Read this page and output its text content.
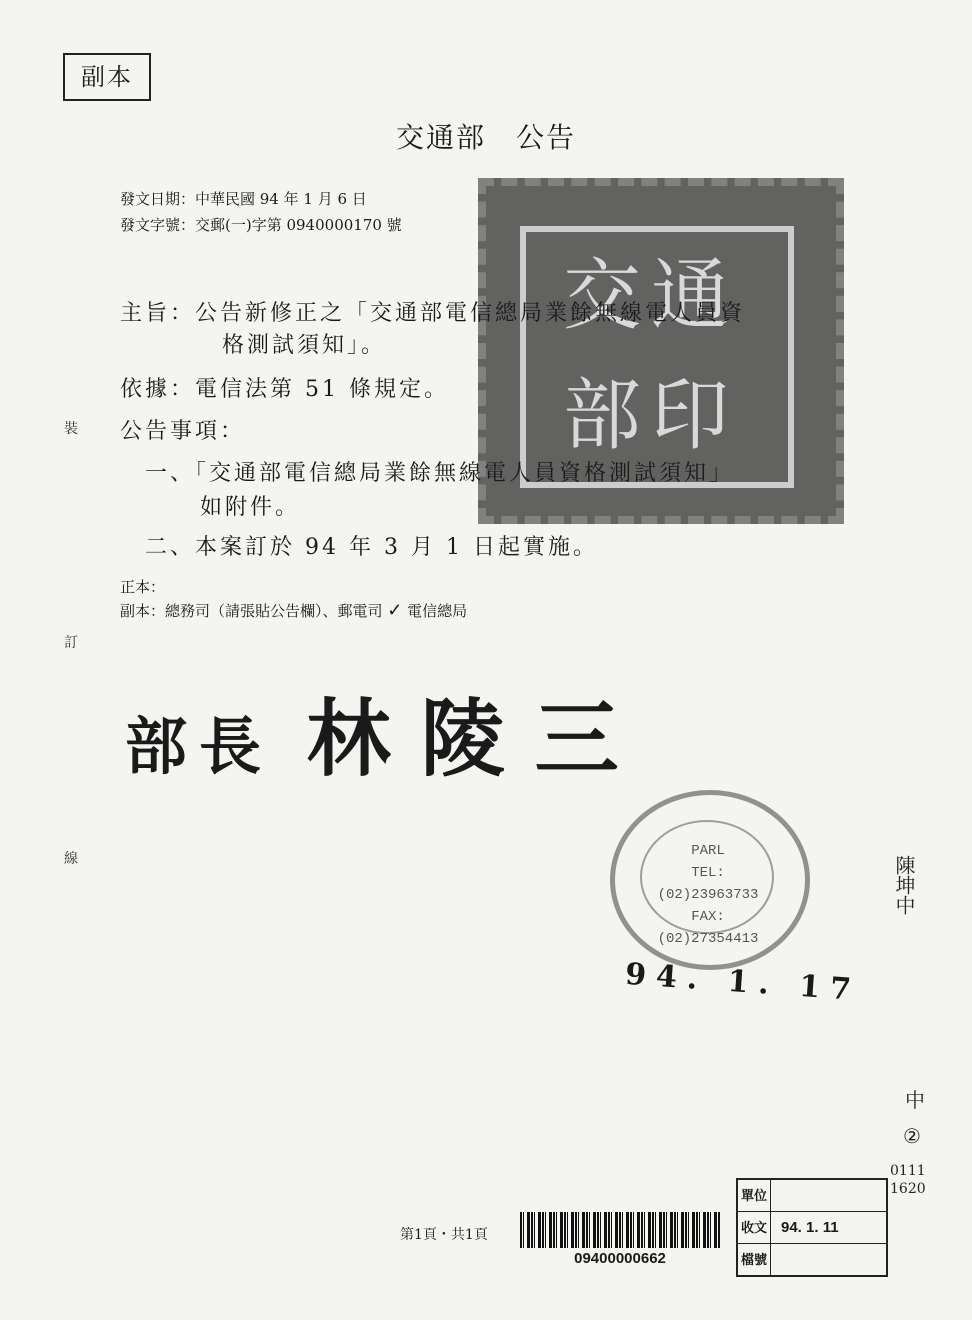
副本
交通部　公告
發文日期：中華民國 94 年 1 月 6 日
發文字號：交郵(一)字第 0940000170 號
交通部印
主旨：公告新修正之「交通部電信總局業餘無線電人員資
格測試須知」。
依據：電信法第 51 條規定。
公告事項：
一、「交通部電信總局業餘無線電人員資格測試須知」
如附件。
二、本案訂於 94 年 3 月 1 日起實施。
正本：
副本：總務司（請張貼公告欄）、郵電司 ✓ 電信總局
裝
訂
線
部長 林陵三
PARL
TEL:(02)23963733
FAX:(02)27354413
94. 1. 17
陳坤中
中
②
0111 1620
第1頁・共1頁
09400000662
單位
收文 94. 1. 11
檔號
